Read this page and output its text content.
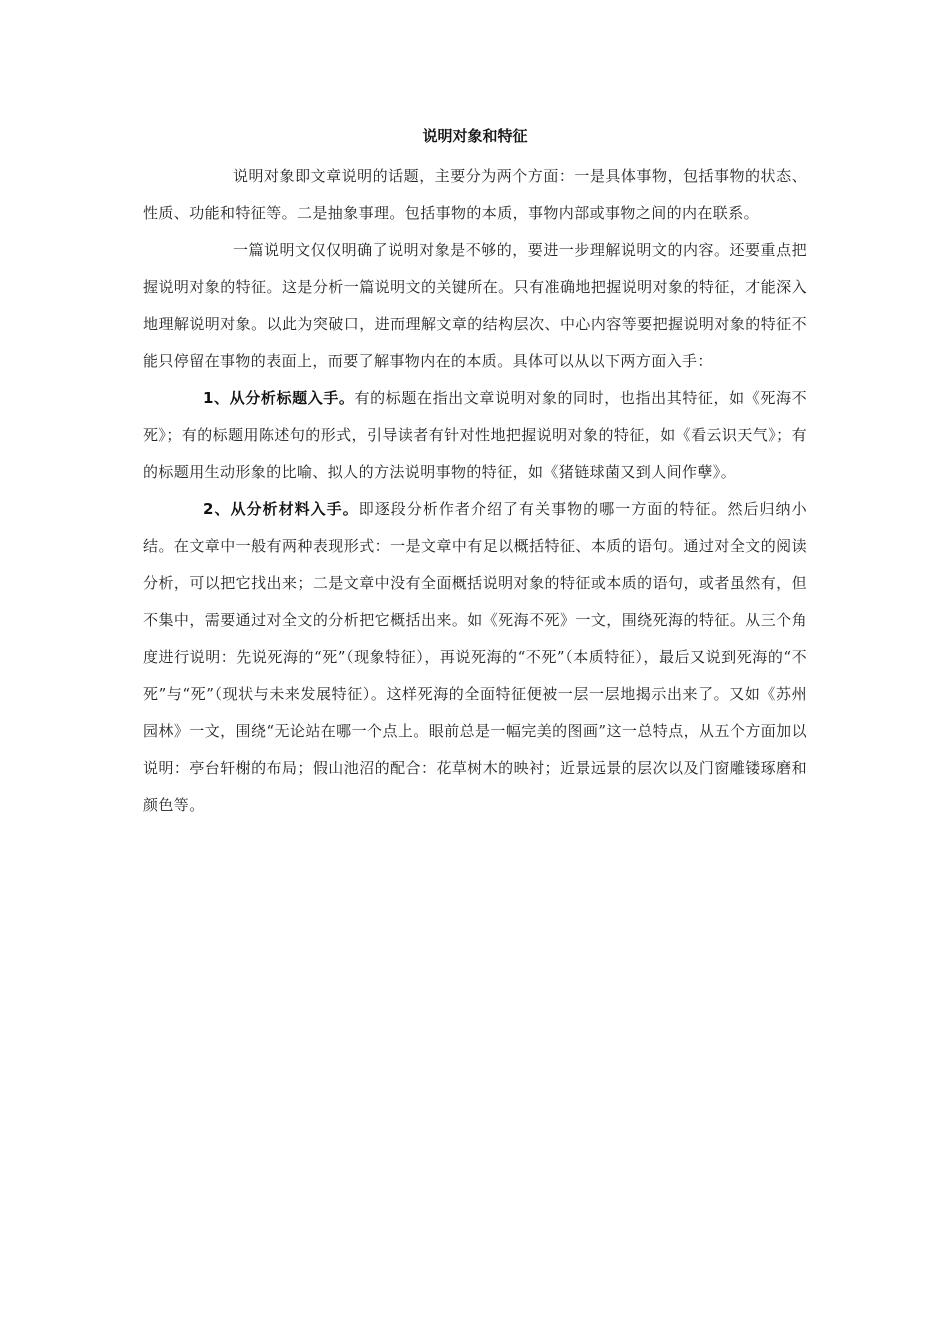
说明对象和特征

说明对象即文章说明的话题，主要分为两个方面：一是具体事物，包括事物的状态、性质、功能和特征等。二是抽象事理。包括事物的本质，事物内部或事物之间的内在联系。

一篇说明文仅仅明确了说明对象是不够的，要进一步理解说明文的内容。还要重点把握说明对象的特征。这是分析一篇说明文的关键所在。只有准确地把握说明对象的特征，才能深入地理解说明对象。以此为突破口，进而理解文章的结构层次、中心内容等要把握说明对象的特征不能只停留在事物的表面上，而要了解事物内在的本质。具体可以从以下两方面入手：

1、从分析标题入手。有的标题在指出文章说明对象的同时，也指出其特征，如《死海不死》；有的标题用陈述句的形式，引导读者有针对性地把握说明对象的特征，如《看云识天气》；有的标题用生动形象的比喻、拟人的方法说明事物的特征，如《猪链球菌又到人间作孽》。

2、从分析材料入手。即逐段分析作者介绍了有关事物的哪一方面的特征。然后归纳小结。在文章中一般有两种表现形式：一是文章中有足以概括特征、本质的语句。通过对全文的阅读分析，可以把它找出来；二是文章中没有全面概括说明对象的特征或本质的语句，或者虽然有，但不集中，需要通过对全文的分析把它概括出来。如《死海不死》一文，围绕死海的特征。从三个角度进行说明：先说死海的“死”（现象特征），再说死海的“不死”（本质特征），最后又说到死海的“不死”与“死”（现状与未来发展特征）。这样死海的全面特征便被一层一层地揭示出来了。又如《苏州园林》一文，围绕“无论站在哪一个点上。眼前总是一幅完美的图画”这一总特点，从五个方面加以说明：亭台轩榭的布局；假山池沼的配合：花草树木的映衬；近景远景的层次以及门窗雕镂琢磨和颜色等。
